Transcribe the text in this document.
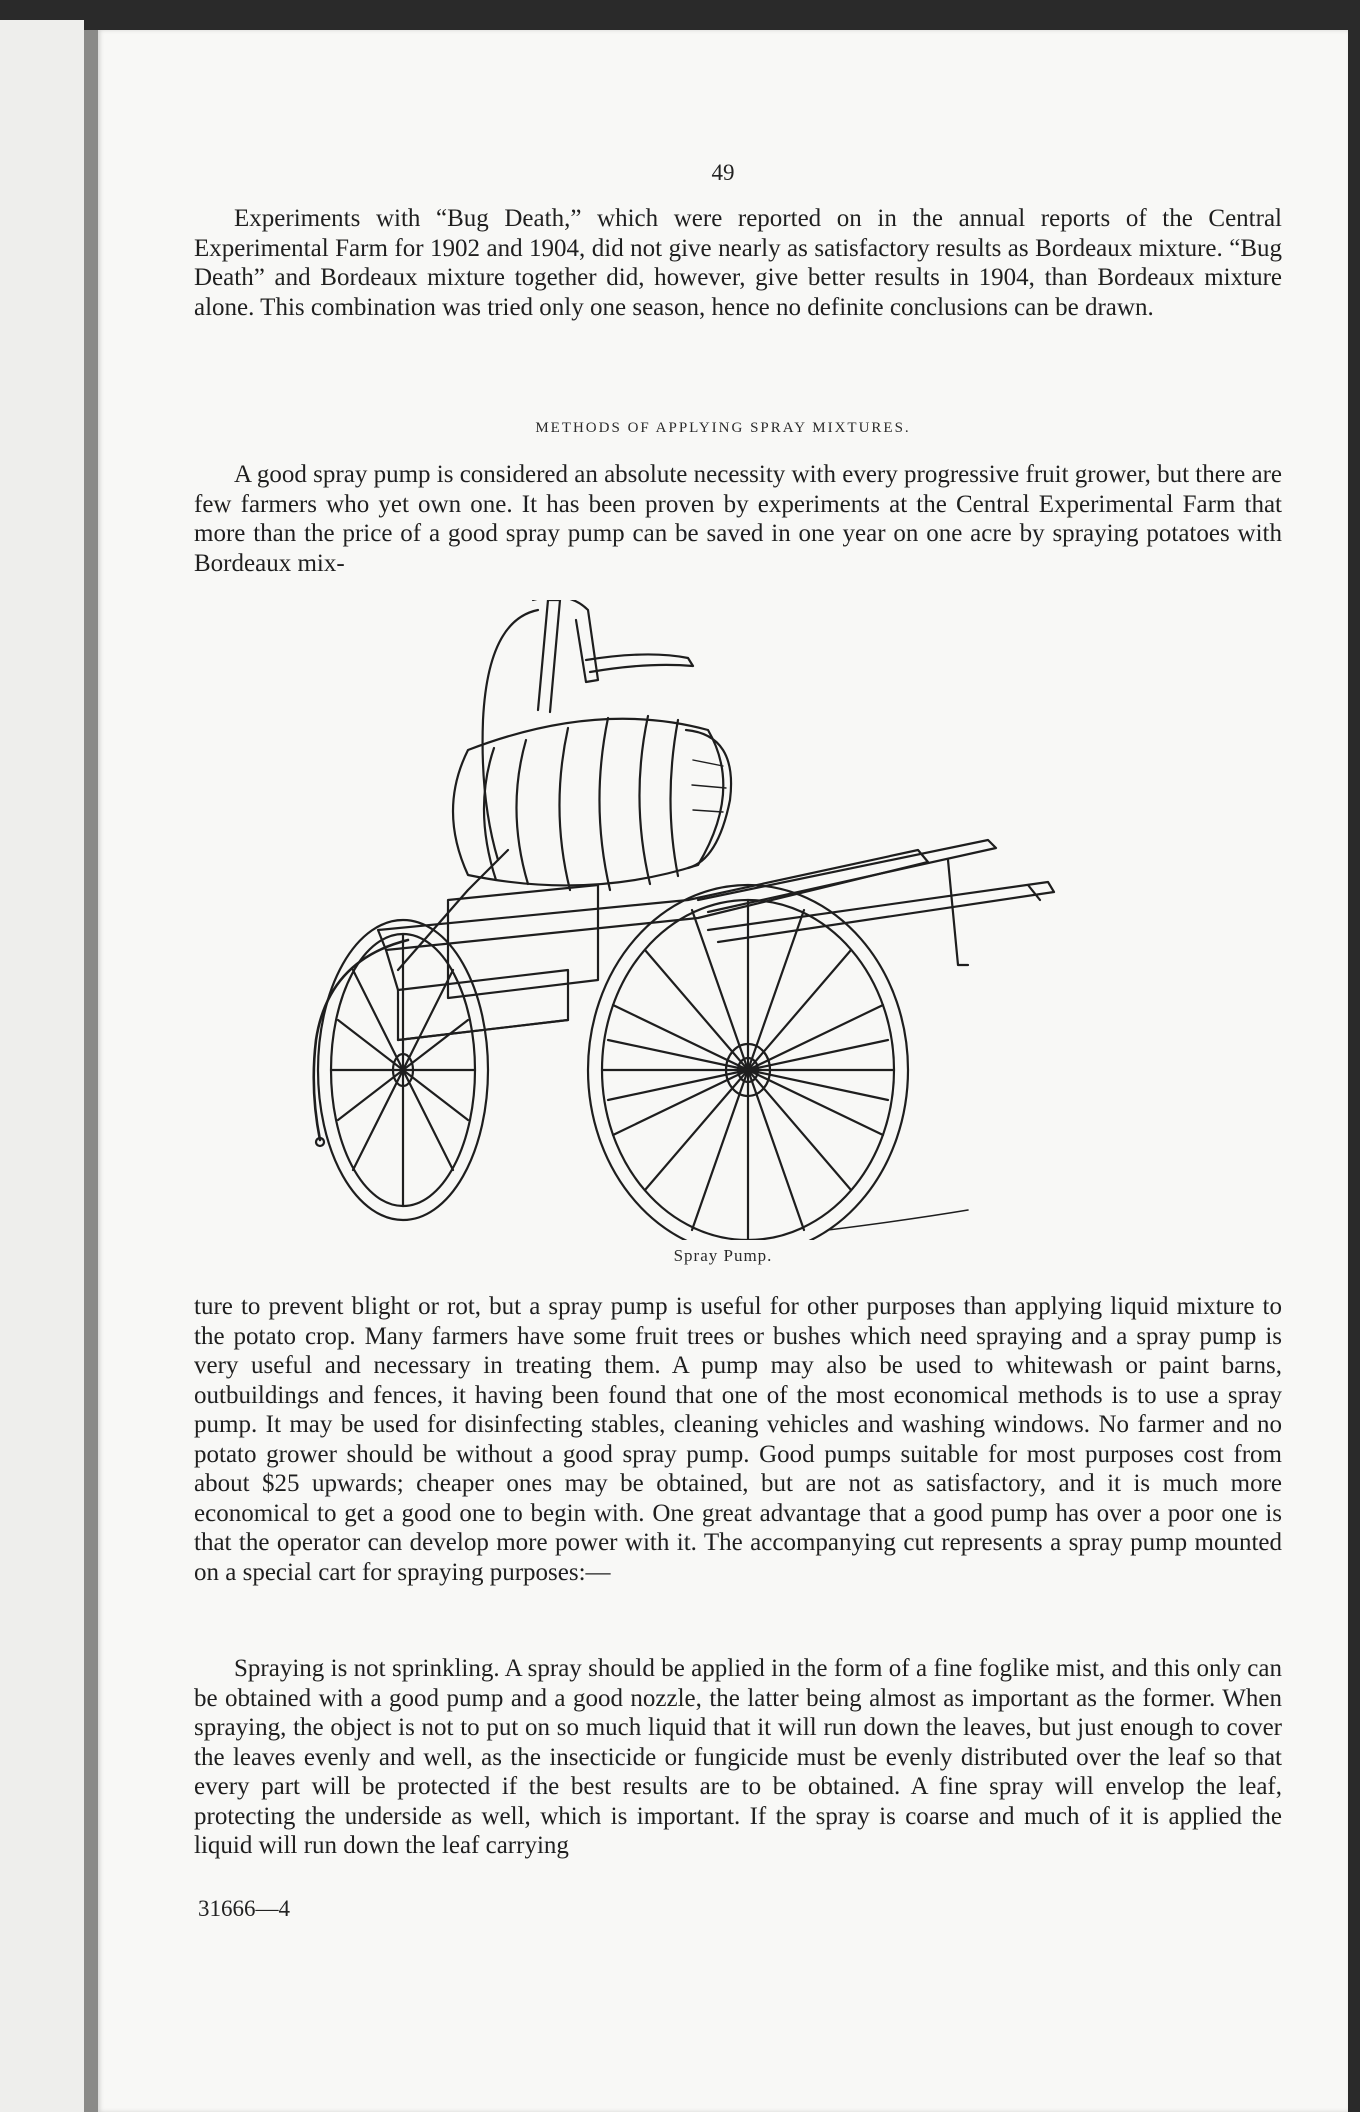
49

Experiments with “Bug Death,” which were reported on in the annual reports of the Central Experimental Farm for 1902 and 1904, did not give nearly as satisfactory results as Bordeaux mixture. “Bug Death” and Bordeaux mixture together did, however, give better results in 1904, than Bordeaux mixture alone. This combination was tried only one season, hence no definite conclusions can be drawn.

METHODS OF APPLYING SPRAY MIXTURES.

A good spray pump is considered an absolute necessity with every progressive fruit grower, but there are few farmers who yet own one. It has been proven by experiments at the Central Experimental Farm that more than the price of a good spray pump can be saved in one year on one acre by spraying potatoes with Bordeaux mix-

Spray Pump.

ture to prevent blight or rot, but a spray pump is useful for other purposes than applying liquid mixture to the potato crop. Many farmers have some fruit trees or bushes which need spraying and a spray pump is very useful and necessary in treating them. A pump may also be used to whitewash or paint barns, outbuildings and fences, it having been found that one of the most economical methods is to use a spray pump. It may be used for disinfecting stables, cleaning vehicles and washing windows. No farmer and no potato grower should be without a good spray pump. Good pumps suitable for most purposes cost from about $25 upwards; cheaper ones may be obtained, but are not as satisfactory, and it is much more economical to get a good one to begin with. One great advantage that a good pump has over a poor one is that the operator can develop more power with it. The accompanying cut represents a spray pump mounted on a special cart for spraying purposes:—

Spraying is not sprinkling. A spray should be applied in the form of a fine foglike mist, and this only can be obtained with a good pump and a good nozzle, the latter being almost as important as the former. When spraying, the object is not to put on so much liquid that it will run down the leaves, but just enough to cover the leaves evenly and well, as the insecticide or fungicide must be evenly distributed over the leaf so that every part will be protected if the best results are to be obtained. A fine spray will envelop the leaf, protecting the underside as well, which is important. If the spray is coarse and much of it is applied the liquid will run down the leaf carrying

31666—4
